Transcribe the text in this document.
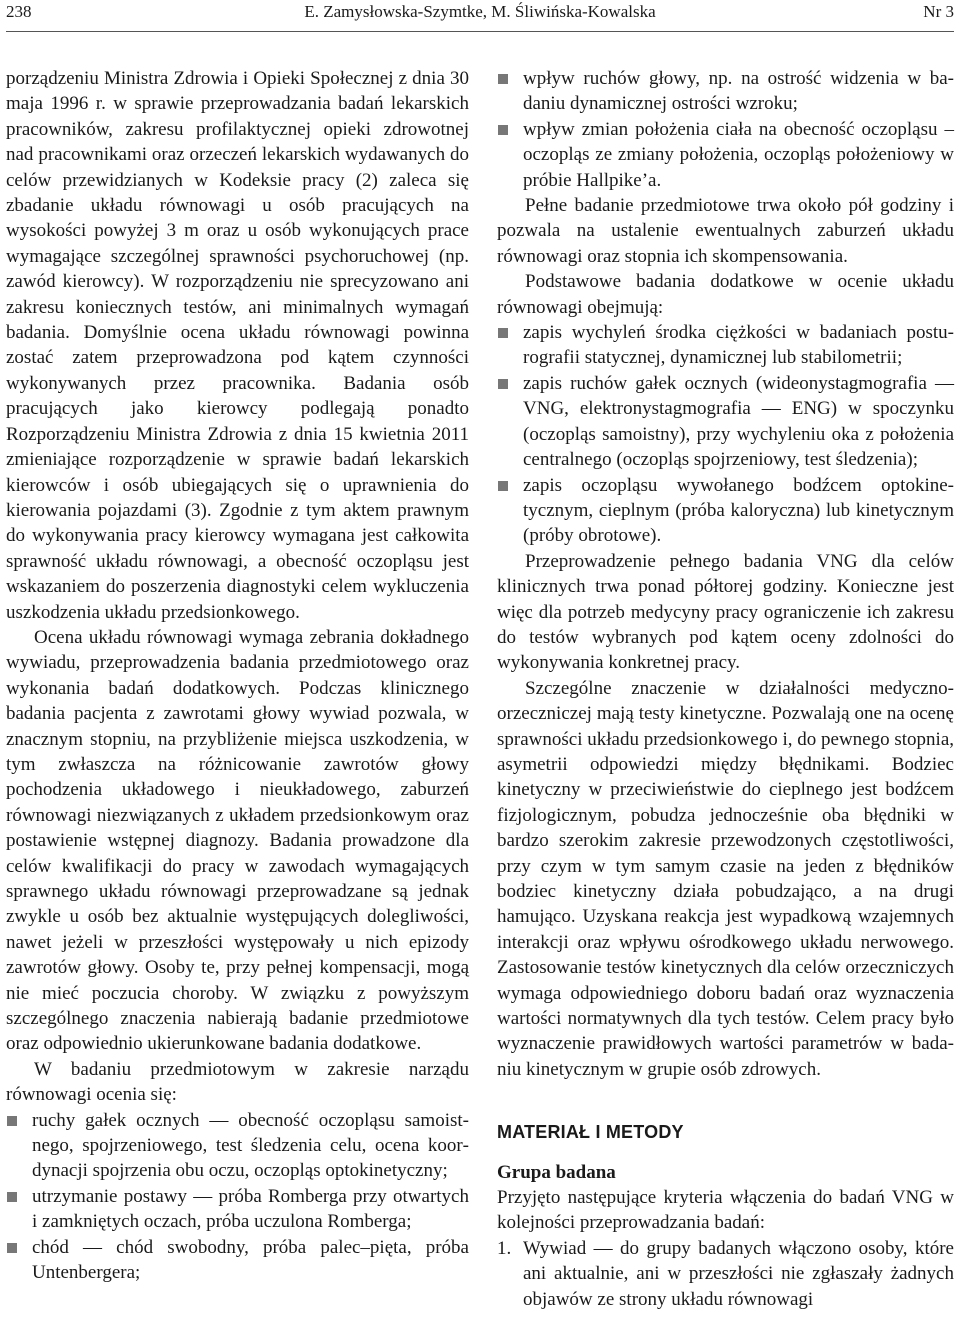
238	E. Zamysłowska-Szymtke, M. Śliwińska-Kowalska	Nr 3

porządzeniu Ministra Zdrowia i Opieki Społecznej z dnia 30 maja 1996 r. w sprawie przeprowadzania badań lekarskich pracowników, zakresu profilaktycznej opieki zdrowotnej nad pracownikami oraz orzeczeń lekarskich wydawanych do celów przewidzianych w Kodeksie pracy (2) zaleca się zbadanie układu równowagi u osób pracujących na wysokości powyżej 3 m oraz u osób wykonujących prace wymagające szczególnej sprawności psychoruchowej (np. zawód kierowcy). W rozporządzeniu nie sprecyzowano ani zakresu koniecznych testów, ani minimalnych wymagań badania. Domyślnie ocena układu równowagi powinna zostać zatem przeprowadzona pod kątem czynności wykonywanych przez pracownika. Badania osób pracujących jako kierowcy podlegają ponadto Rozporządzeniu Ministra Zdrowia z dnia 15 kwietnia 2011 zmieniające rozporządzenie w sprawie badań lekarskich kierowców i osób ubiegających się o uprawnienia do kierowania pojazdami (3). Zgodnie z tym aktem prawnym do wykonywania pracy kierowcy wymagana jest całkowita sprawność układu równowagi, a obecność oczopląsu jest wskazaniem do poszerzenia diagnostyki celem wykluczenia uszkodzenia układu przedsionkowego.

Ocena układu równowagi wymaga zebrania dokładnego wywiadu, przeprowadzenia badania przedmiotowego oraz wykonania badań dodatkowych. Podczas klinicznego badania pacjenta z zawrotami głowy wywiad pozwala, w znacznym stopniu, na przybliżenie miejsca uszkodzenia, w tym zwłaszcza na różnicowanie zawrotów głowy pochodzenia układowego i nieukładowego, zaburzeń równowagi niezwiązanych z układem przedsionkowym oraz postawienie wstępnej diagnozy. Badania prowadzone dla celów kwalifikacji do pracy w zawodach wymagających sprawnego układu równowagi przeprowadzane są jednak zwykle u osób bez aktualnie występujących dolegliwości, nawet jeżeli w przeszłości występowały u nich epizody zawrotów głowy. Osoby te, przy pełnej kompensacji, mogą nie mieć poczucia choroby. W związku z powyższym szczególnego znaczenia nabierają badanie przedmiotowe oraz odpowiednio ukierunkowane badania dodatkowe.

W badaniu przedmiotowym w zakresie narządu równowagi ocenia się:

ruchy gałek ocznych — obecność oczopląsu samoistnego, spojrzeniowego, test śledzenia celu, ocena koordynacji spojrzenia obu oczu, oczopląs optokinetyczny;
utrzymanie postawy — próba Romberga przy otwartych i zamkniętych oczach, próba uczulona Romberga;
chód — chód swobodny, próba palec–pięta, próba Untenbergera;
wpływ ruchów głowy, np. na ostrość widzenia w badaniu dynamicznej ostrości wzroku;
wpływ zmian położenia ciała na obecność oczopląsu – oczopląs ze zmiany położenia, oczopląs położeniowy w próbie Hallpike’a.

Pełne badanie przedmiotowe trwa około pół godziny i pozwala na ustalenie ewentualnych zaburzeń układu równowagi oraz stopnia ich skompensowania.

Podstawowe badania dodatkowe w ocenie układu równowagi obejmują:

zapis wychyleń środka ciężkości w badaniach posturografii statycznej, dynamicznej lub stabilometrii;
zapis ruchów gałek ocznych (wideonystagmografia — VNG, elektronystagmografia — ENG) w spoczynku (oczopląs samoistny), przy wychyleniu oka z położenia centralnego (oczopląs spojrzeniowy, test śledzenia);
zapis oczopląsu wywołanego bodźcem optokinetycznym, cieplnym (próba kaloryczna) lub kinetycznym (próby obrotowe).

Przeprowadzenie pełnego badania VNG dla celów klinicznych trwa ponad półtorej godziny. Konieczne jest więc dla potrzeb medycyny pracy ograniczenie ich zakresu do testów wybranych pod kątem oceny zdolności do wykonywania konkretnej pracy.

Szczególne znaczenie w działalności medyczno-orzeczniczej mają testy kinetyczne. Pozwalają one na ocenę sprawności układu przedsionkowego i, do pewnego stopnia, asymetrii odpowiedzi między błędnikami. Bodziec kinetyczny w przeciwieństwie do cieplnego jest bodźcem fizjologicznym, pobudza jednocześnie oba błędniki w bardzo szerokim zakresie przewodzonych częstotliwości, przy czym w tym samym czasie na jeden z błędników bodziec kinetyczny działa pobudzająco, a na drugi hamująco. Uzyskana reakcja jest wypadkową wzajemnych interakcji oraz wpływu ośrodkowego układu nerwowego. Zastosowanie testów kinetycznych dla celów orzeczniczych wymaga odpowiedniego doboru badań oraz wyznaczenia wartości normatywnych dla tych testów. Celem pracy było wyznaczenie prawidłowych wartości parametrów w badaniu kinetycznym w grupie osób zdrowych.

MATERIAŁ I METODY
Grupa badana

Przyjęto następujące kryteria włączenia do badań VNG w kolejności przeprowadzania badań:

1. Wywiad — do grupy badanych włączono osoby, które ani aktualnie, ani w przeszłości nie zgłaszały żadnych objawów ze strony układu równowagi
